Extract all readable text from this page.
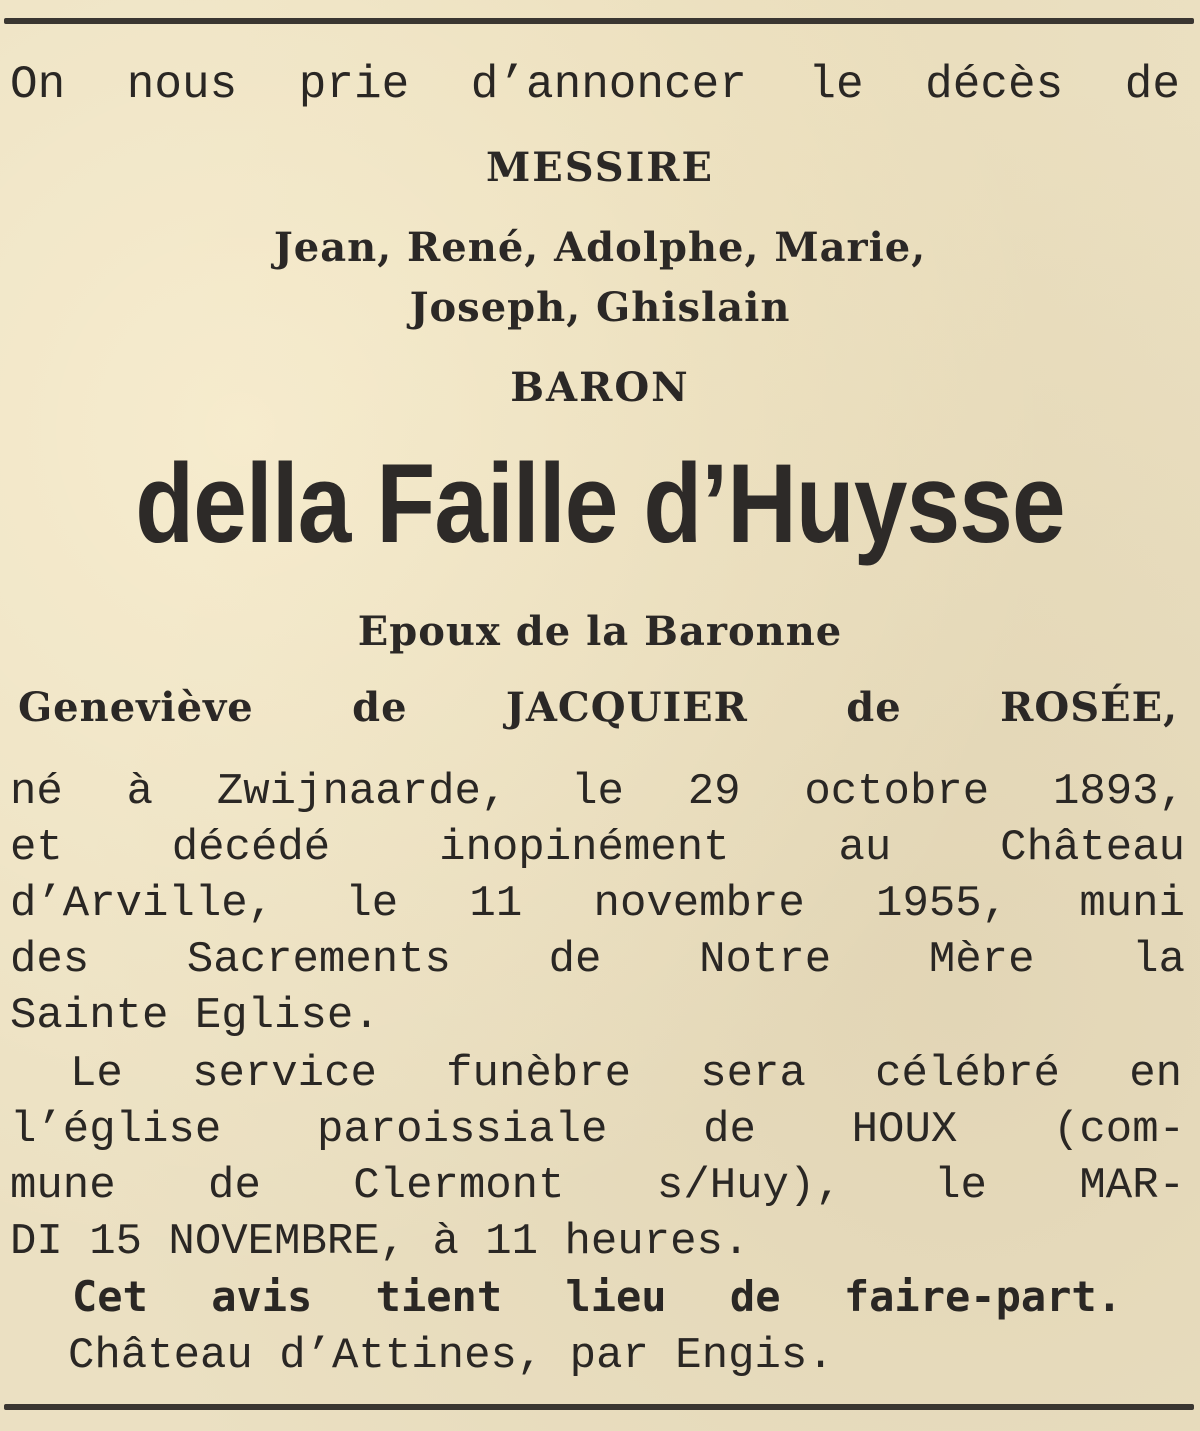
On nous prie d’annoncer le décès de
MESSIRE
Jean, René, Adolphe, Marie,
Joseph, Ghislain
BARON
della Faille d’Huysse
Epoux de la Baronne
Geneviève de JACQUIER de ROSÉE,
né à Zwijnaarde, le 29 octobre 1893,
et décédé inopinément au Château
d’Arville, le 11 novembre 1955, muni
des Sacrements de Notre Mère la
Sainte Eglise.
Le service funèbre sera célébré en
l’église paroissiale de HOUX (com-
mune de Clermont s/Huy), le MAR-
DI 15 NOVEMBRE, à 11 heures.
Cet avis tient lieu de faire-part.
Château d’Attines, par Engis.
